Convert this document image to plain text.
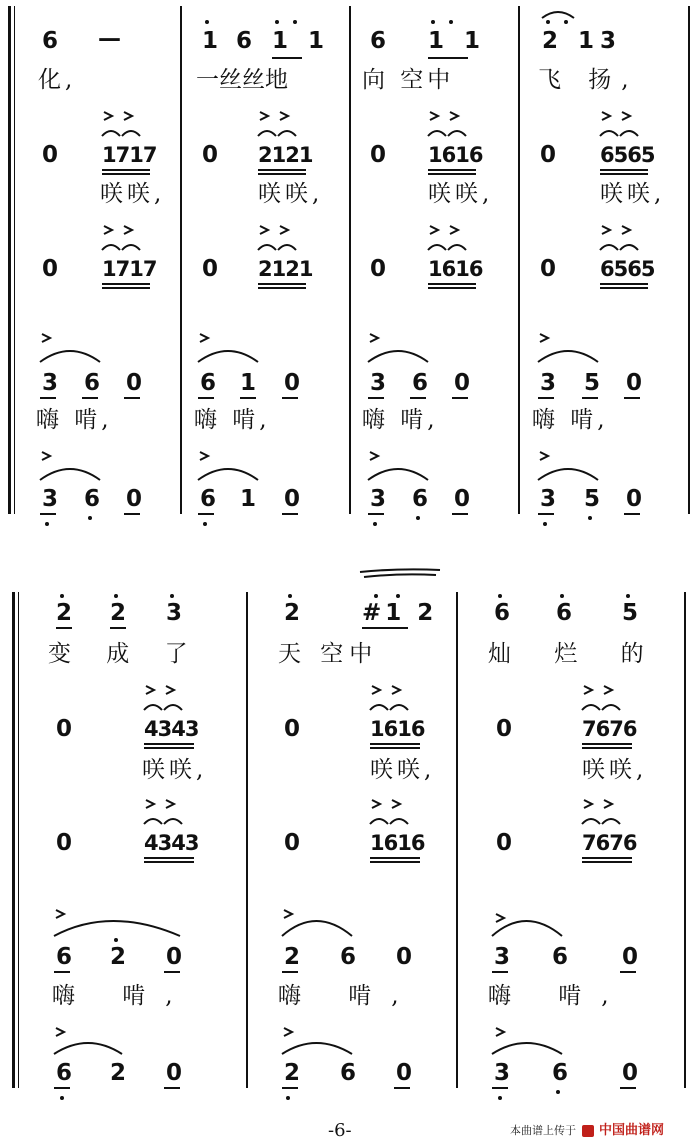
6 —
化,
0 1717
咲咲,
0 1717
3 6 0
嗨 啃,
3 6 0
1 6 1 1
一丝丝地
0 2121
咲咲,
0 2121
6 1 0
嗨 啃,
6 1 0
6 1 1
向 空中
0 1616
咲咲,
0 1616
3 6 0
嗨 啃,
3 6 0
2 1 3
飞 扬,
0 6565
咲咲,
0 6565
3 5 0
嗨 啃,
3 5 0
2 2 3
变 成 了
0	4343
咲咲,
0	4343
6 2 0
嗨 啃,
6 2 0
2	#1 2
天 空中
0	1616
咲咲,
0	1616
2 6 0
嗨 啃,
2 6 0
6 6 5
灿 烂 的
0	7676
咲咲,
0	7676
3 6 0
嗨 啃,
3 6 0
-6-	本曲谱上传于 中国曲谱网
